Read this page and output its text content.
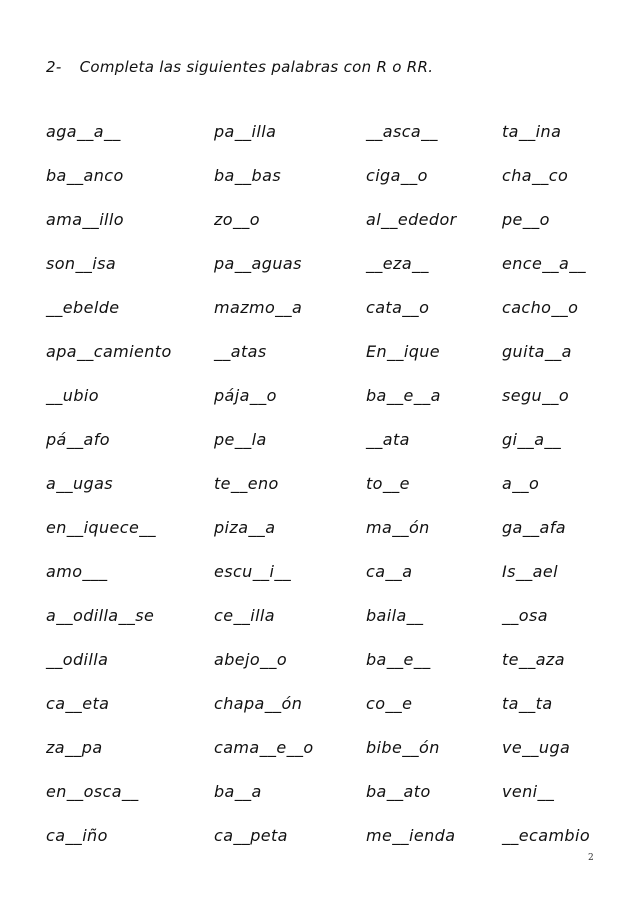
2- Completa las siguientes palabras con R o RR.
aga__a__	pa__illa	__asca__	ta__ina
ba__anco	ba__bas	ciga__o	cha__co
ama__illo	zo__o	al__ededor	pe__o
son__isa	pa__aguas	__eza__	ence__a__
__ebelde	mazmo__a	cata__o	cacho__o
apa__camiento	__atas	En__ique	guita__a
__ubio	pája__o	ba__e__a	segu__o
pá__afo	pe__la	__ata	gi__a__
a__ugas	te__eno	to__e	a__o
en__iquece__	piza__a	ma__ón	ga__afa
amo___	escu__i__	ca__a	Is__ael
a__odilla__se	ce__illa	baila__	__osa
__odilla	abejo__o	ba__e__	te__aza
ca__eta	chapa__ón	co__e	ta__ta
za__pa	cama__e__o	bibe__ón	ve__uga
en__osca__	ba__a	ba__ato	veni__
ca__iño	ca__peta	me__ienda	__ecambio
2
